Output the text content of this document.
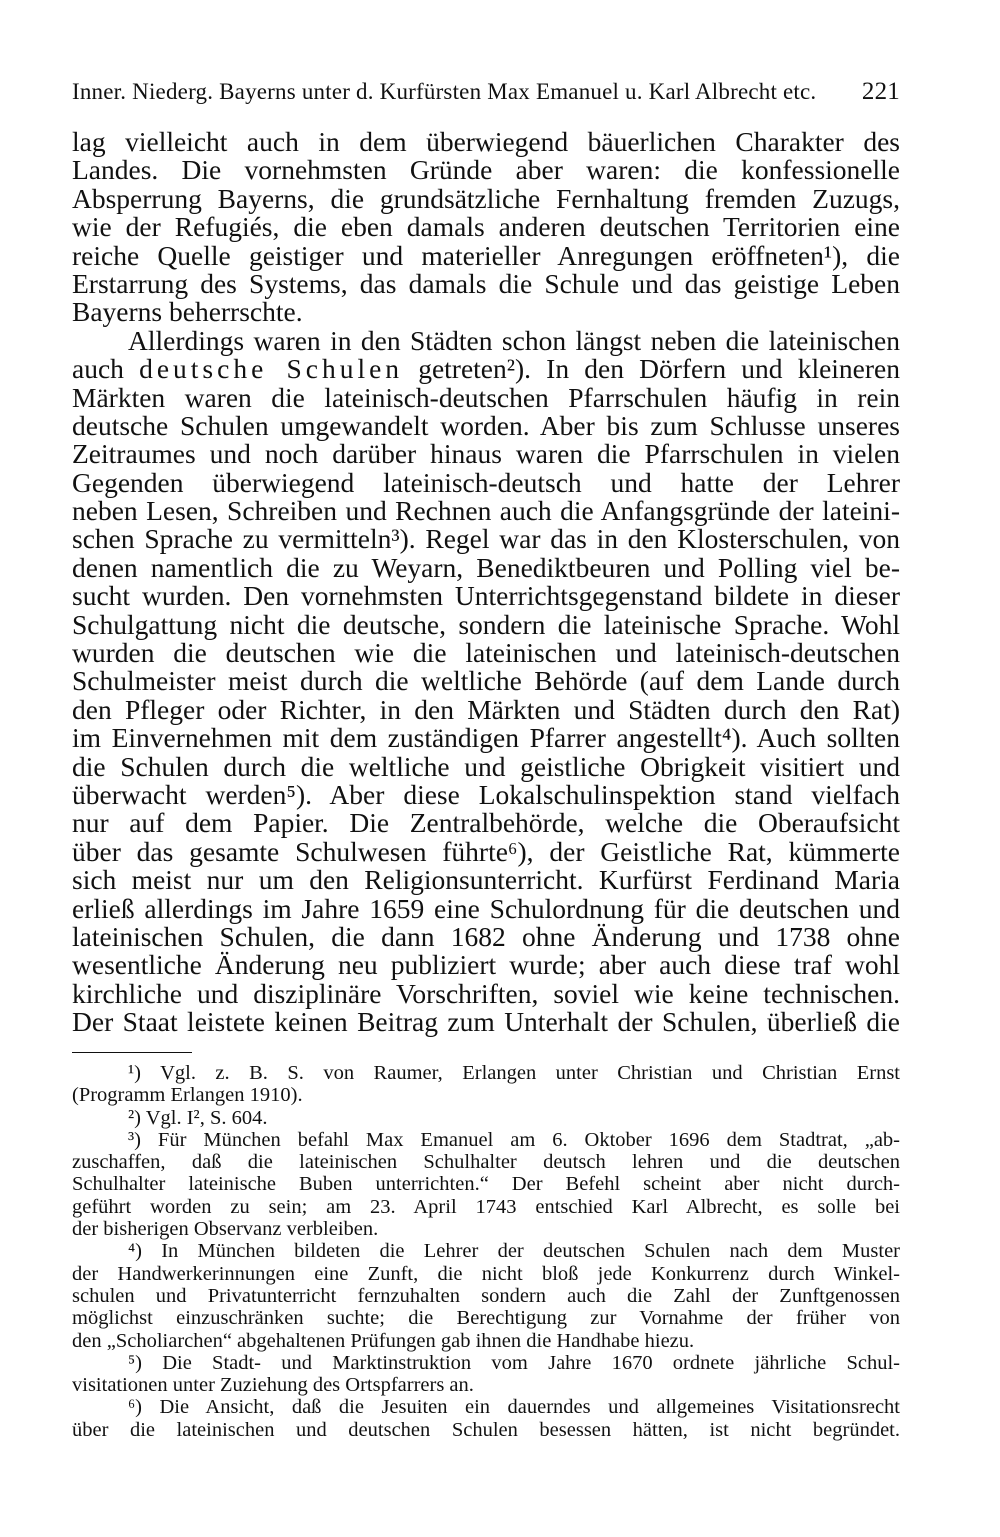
Inner. Niederg. Bayerns unter d. Kurfürsten Max Emanuel u. Karl Albrecht etc. 221
lag vielleicht auch in dem überwiegend bäuerlichen Charakter des
Landes. Die vornehmsten Gründe aber waren: die konfessionelle
Absperrung Bayerns, die grundsätzliche Fernhaltung fremden Zuzugs,
wie der Refugiés, die eben damals anderen deutschen Territorien eine
reiche Quelle geistiger und materieller Anregungen eröffneten¹), die
Erstarrung des Systems, das damals die Schule und das geistige Leben
Bayerns beherrschte.
Allerdings waren in den Städten schon längst neben die lateinischen
auch deutsche Schulen getreten²). In den Dörfern und kleineren
Märkten waren die lateinisch-deutschen Pfarrschulen häufig in rein
deutsche Schulen umgewandelt worden. Aber bis zum Schlusse unseres
Zeitraumes und noch darüber hinaus waren die Pfarrschulen in vielen
Gegenden überwiegend lateinisch-deutsch und hatte der Lehrer
neben Lesen, Schreiben und Rechnen auch die Anfangsgründe der lateini-
schen Sprache zu vermitteln³). Regel war das in den Klosterschulen, von
denen namentlich die zu Weyarn, Benediktbeuren und Polling viel be-
sucht wurden. Den vornehmsten Unterrichtsgegenstand bildete in dieser
Schulgattung nicht die deutsche, sondern die lateinische Sprache. Wohl
wurden die deutschen wie die lateinischen und lateinisch-deutschen
Schulmeister meist durch die weltliche Behörde (auf dem Lande durch
den Pfleger oder Richter, in den Märkten und Städten durch den Rat)
im Einvernehmen mit dem zuständigen Pfarrer angestellt⁴). Auch sollten
die Schulen durch die weltliche und geistliche Obrigkeit visitiert und
überwacht werden⁵). Aber diese Lokalschulinspektion stand vielfach
nur auf dem Papier. Die Zentralbehörde, welche die Oberaufsicht
über das gesamte Schulwesen führte⁶), der Geistliche Rat, kümmerte
sich meist nur um den Religionsunterricht. Kurfürst Ferdinand Maria
erließ allerdings im Jahre 1659 eine Schulordnung für die deutschen und
lateinischen Schulen, die dann 1682 ohne Änderung und 1738 ohne
wesentliche Änderung neu publiziert wurde; aber auch diese traf wohl
kirchliche und disziplinäre Vorschriften, soviel wie keine technischen.
Der Staat leistete keinen Beitrag zum Unterhalt der Schulen, überließ die
¹) Vgl. z. B. S. von Raumer, Erlangen unter Christian und Christian Ernst
(Programm Erlangen 1910).
²) Vgl. I², S. 604.
³) Für München befahl Max Emanuel am 6. Oktober 1696 dem Stadtrat, „ab-
zuschaffen, daß die lateinischen Schulhalter deutsch lehren und die deutschen
Schulhalter lateinische Buben unterrichten.“ Der Befehl scheint aber nicht durch-
geführt worden zu sein; am 23. April 1743 entschied Karl Albrecht, es solle bei
der bisherigen Observanz verbleiben.
⁴) In München bildeten die Lehrer der deutschen Schulen nach dem Muster
der Handwerkerinnungen eine Zunft, die nicht bloß jede Konkurrenz durch Winkel-
schulen und Privatunterricht fernzuhalten sondern auch die Zahl der Zunftgenossen
möglichst einzuschränken suchte; die Berechtigung zur Vornahme der früher von
den „Scholiarchen“ abgehaltenen Prüfungen gab ihnen die Handhabe hiezu.
⁵) Die Stadt- und Marktinstruktion vom Jahre 1670 ordnete jährliche Schul-
visitationen unter Zuziehung des Ortspfarrers an.
⁶) Die Ansicht, daß die Jesuiten ein dauerndes und allgemeines Visitationsrecht
über die lateinischen und deutschen Schulen besessen hätten, ist nicht begründet.
